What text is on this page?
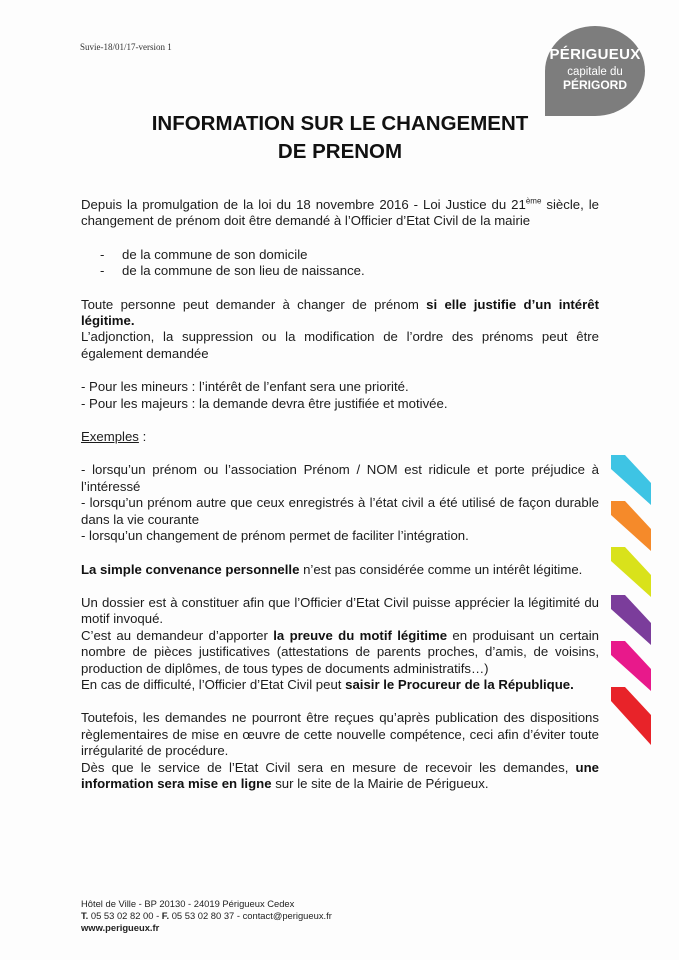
Suvie-18/01/17-version 1	PÉRIGUEUX
capitale du
PÉRIGORD
INFORMATION SUR LE CHANGEMENT
DE PRENOM

Depuis la promulgation de la loi du 18 novembre 2016 - Loi Justice du 21ème siècle, le changement de prénom doit être demandé à l’Officier d’Etat Civil de la mairie

- de la commune de son domicile
- de la commune de son lieu de naissance.

Toute personne peut demander à changer de prénom si elle justifie d’un intérêt légitime.

L’adjonction, la suppression ou la modification de l’ordre des prénoms peut être également demandée

- Pour les mineurs : l’intérêt de l’enfant sera une priorité.

- Pour les majeurs : la demande devra être justifiée et motivée.

Exemples :

- lorsqu’un prénom ou l’association Prénom / NOM est ridicule et porte préjudice à l’intéressé

- lorsqu’un prénom autre que ceux enregistrés à l’état civil a été utilisé de façon durable dans la vie courante

- lorsqu’un changement de prénom permet de faciliter l’intégration.

La simple convenance personnelle n’est pas considérée comme un intérêt légitime.

Un dossier est à constituer afin que l’Officier d’Etat Civil puisse apprécier la légitimité du motif invoqué.

C’est au demandeur d’apporter la preuve du motif légitime en produisant un certain nombre de pièces justificatives (attestations de parents proches, d’amis, de voisins, production de diplômes, de tous types de documents administratifs…)

En cas de difficulté, l’Officier d’Etat Civil peut saisir le Procureur de la République.

Toutefois, les demandes ne pourront être reçues qu’après publication des dispositions règlementaires de mise en œuvre de cette nouvelle compétence, ceci afin d’éviter toute irrégularité de procédure.

Dès que le service de l’Etat Civil sera en mesure de recevoir les demandes, une information sera mise en ligne sur le site de la Mairie de Périgueux.

Hôtel de Ville - BP 20130 - 24019 Périgueux Cedex
T. 05 53 02 82 00 - F. 05 53 02 80 37 - contact@perigueux.fr
www.perigueux.fr
